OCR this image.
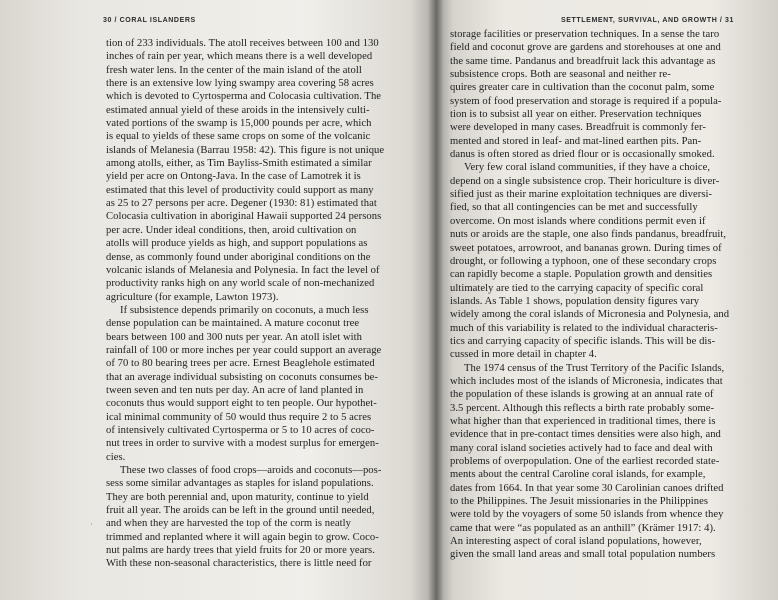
30 / CORAL ISLANDERS
tion of 233 individuals. The atoll receives between 100 and 130
inches of rain per year, which means there is a well developed
fresh water lens. In the center of the main island of the atoll
there is an extensive low lying swampy area covering 58 acres
which is devoted to Cyrtosperma and Colocasia cultivation. The
estimated annual yield of these aroids in the intensively culti-
vated portions of the swamp is 15,000 pounds per acre, which
is equal to yields of these same crops on some of the volcanic
islands of Melanesia (Barrau 1958: 42). This figure is not unique
among atolls, either, as Tim Bayliss-Smith estimated a similar
yield per acre on Ontong-Java. In the case of Lamotrek it is
estimated that this level of productivity could support as many
as 25 to 27 persons per acre. Degener (1930: 81) estimated that
Colocasia cultivation in aboriginal Hawaii supported 24 persons
per acre. Under ideal conditions, then, aroid cultivation on
atolls will produce yields as high, and support populations as
dense, as commonly found under aboriginal conditions on the
volcanic islands of Melanesia and Polynesia. In fact the level of
productivity ranks high on any world scale of non-mechanized
agriculture (for example, Lawton 1973).
If subsistence depends primarily on coconuts, a much less
dense population can be maintained. A mature coconut tree
bears between 100 and 300 nuts per year. An atoll islet with
rainfall of 100 or more inches per year could support an average
of 70 to 80 bearing trees per acre. Ernest Beaglehole estimated
that an average individual subsisting on coconuts consumes be-
tween seven and ten nuts per day. An acre of land planted in
coconuts thus would support eight to ten people. Our hypothet-
ical minimal community of 50 would thus require 2 to 5 acres
of intensively cultivated Cyrtosperma or 5 to 10 acres of coco-
nut trees in order to survive with a modest surplus for emergen-
cies.
These two classes of food crops—aroids and coconuts—pos-
sess some similar advantages as staples for island populations.
They are both perennial and, upon maturity, continue to yield
fruit all year. The aroids can be left in the ground until needed,
and when they are harvested the top of the corm is neatly
trimmed and replanted where it will again begin to grow. Coco-
nut palms are hardy trees that yield fruits for 20 or more years.
With these non-seasonal characteristics, there is little need for
·
SETTLEMENT, SURVIVAL, AND GROWTH / 31
storage facilities or preservation techniques. In a sense the taro
field and coconut grove are gardens and storehouses at one and
the same time. Pandanus and breadfruit lack this advantage as
subsistence crops. Both are seasonal and neither re-
quires greater care in cultivation than the coconut palm, some
system of food preservation and storage is required if a popula-
tion is to subsist all year on either. Preservation techniques
were developed in many cases. Breadfruit is commonly fer-
mented and stored in leaf- and mat-lined earthen pits. Pan-
danus is often stored as dried flour or is occasionally smoked.
Very few coral island communities, if they have a choice,
depend on a single subsistence crop. Their horiculture is diver-
sified just as their marine exploitation techniques are diversi-
fied, so that all contingencies can be met and successfully
overcome. On most islands where conditions permit even if
nuts or aroids are the staple, one also finds pandanus, breadfruit,
sweet potatoes, arrowroot, and bananas grown. During times of
drought, or following a typhoon, one of these secondary crops
can rapidly become a staple. Population growth and densities
ultimately are tied to the carrying capacity of specific coral
islands. As Table 1 shows, population density figures vary
widely among the coral islands of Micronesia and Polynesia, and
much of this variability is related to the individual characteris-
tics and carrying capacity of specific islands. This will be dis-
cussed in more detail in chapter 4.
The 1974 census of the Trust Territory of the Pacific Islands,
which includes most of the islands of Micronesia, indicates that
the population of these islands is growing at an annual rate of
3.5 percent. Although this reflects a birth rate probably some-
what higher than that experienced in traditional times, there is
evidence that in pre-contact times densities were also high, and
many coral island societies actively had to face and deal with
problems of overpopulation. One of the earliest recorded state-
ments about the central Caroline coral islands, for example,
dates from 1664. In that year some 30 Carolinian canoes drifted
to the Philippines. The Jesuit missionaries in the Philippines
were told by the voyagers of some 50 islands from whence they
came that were “as populated as an anthill” (Krämer 1917: 4).
An interesting aspect of coral island populations, however,
given the small land areas and small total population numbers
